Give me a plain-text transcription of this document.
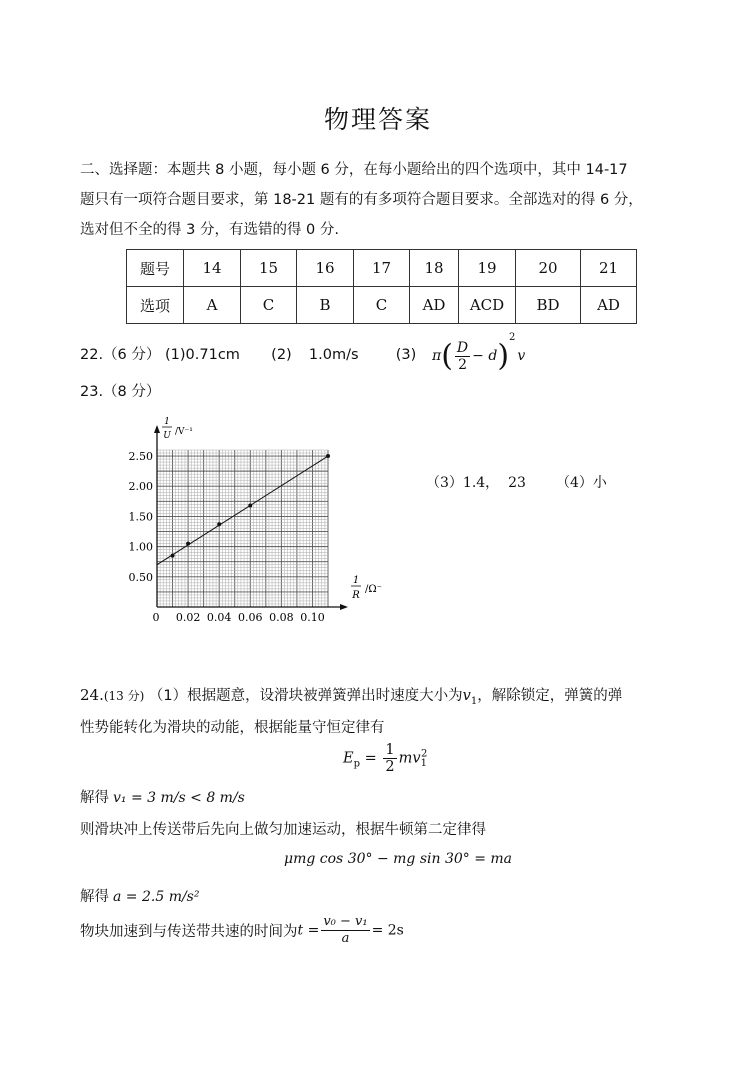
物理答案
二、选择题：本题共 8 小题，每小题 6 分，在每小题给出的四个选项中，其中 14-17
题只有一项符合题目要求，第 18-21 题有的有多项符合题目要求。全部选对的得 6 分，
选对但不全的得 3 分，有选错的得 0 分.
题号	14	15	16	17	18	19	20	21
选项	A	C	B	C	AD	ACD	BD	AD
22.（6 分） (1)0.71cm (2) 1.0m/s	(3) $\pi( \frac{D}{2} - d)^2v$
23.（8 分）
0 0.02 0.04 0.06 0.08 0.10
0.50
1.00
1.50
2.00
2.50
1
U /V⁻¹
1
R
/Ω⁻
（3）1.4，  23 （4）小
24.(13 分) （1）根据题意，设滑块被弹簧弹出时速度大小为$v_1$，解除锁定，弹簧的弹
性势能转化为滑块的动能，根据能量守恒定律有
$E_p = \frac{1}{2} mv_1^2$
解得 v₁ = 3 m/s < 8 m/s
则滑块冲上传送带后先向上做匀加速运动，根据牛顿第二定律得
μmg cos 30° − mg sin 30° = ma
解得 a = 2.5 m/s²
物块加速到与传送带共速的时间为$t = \frac{\text{v₀ − v₁}}{a} = 2s$
